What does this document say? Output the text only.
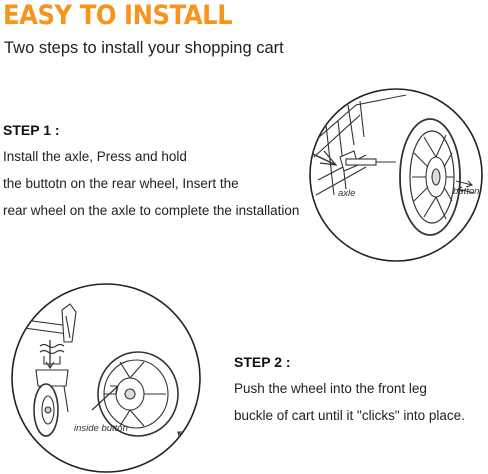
EASY TO INSTALL
Two steps to install your shopping cart
STEP 1 :
Install the axle, Press and hold
the buttotn on the rear wheel, Insert the
rear wheel on the axle to complete the installation
axle	button
inside button
STEP 2 :
Push the wheel into the front leg
buckle of cart until it "clicks" into place.
